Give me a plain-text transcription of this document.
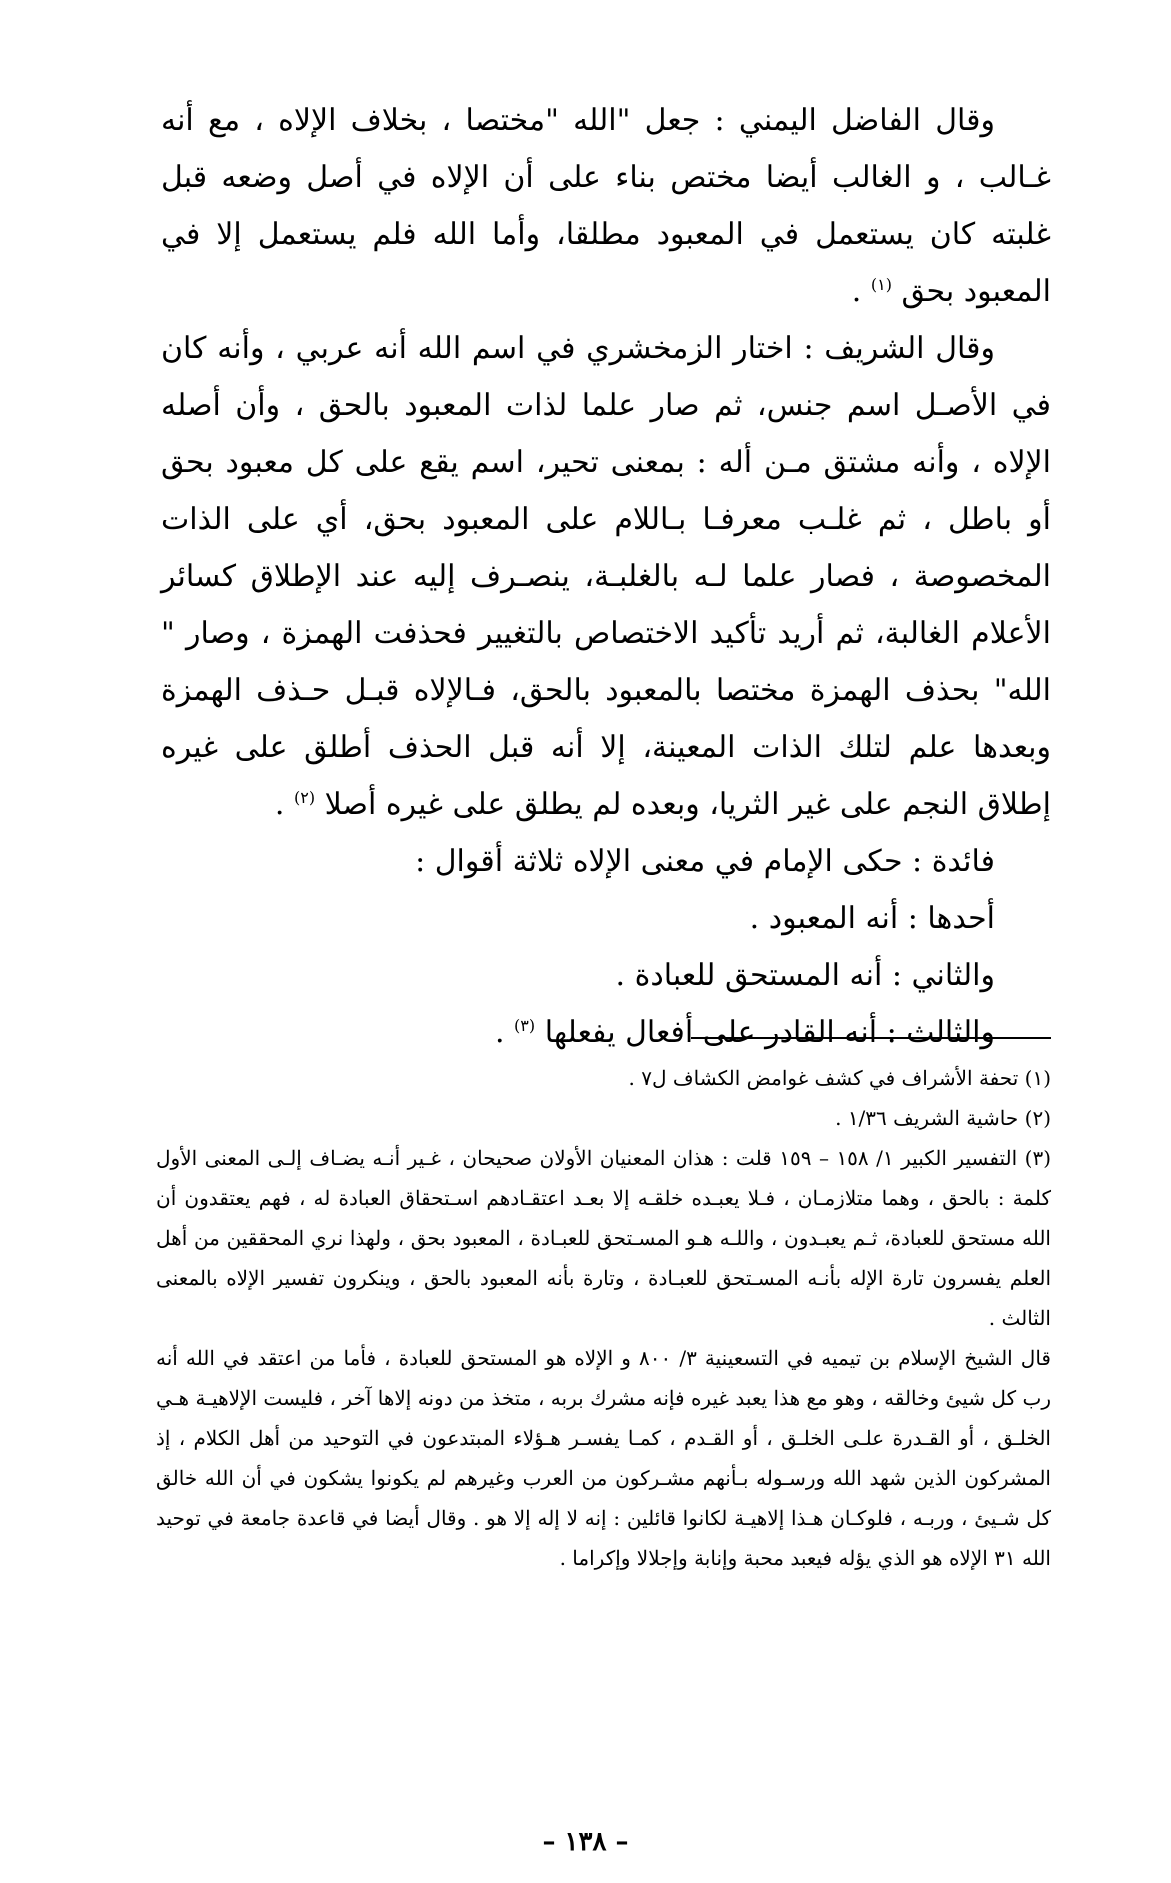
وقال الفاضل اليمني : جعل "الله "مختصا ، بخلاف الإلاه ، مع أنه غـالب ، و الغالب أيضا مختص بناء على أن الإلاه في أصل وضعه قبل غلبته كان يستعمل في المعبود مطلقا، وأما الله فلم يستعمل إلا في المعبود بحق $^{(١)}$ .

وقال الشريف : اختار الزمخشري في اسم الله أنه عربي ، وأنه كان في الأصـل اسم جنس، ثم صار علما لذات المعبود بالحق ، وأن أصله الإلاه ، وأنه مشتق مـن أله : بمعنى تحير، اسم يقع على كل معبود بحق أو باطل ، ثم غلـب معرفـا بـاللام على المعبود بحق، أي على الذات المخصوصة ، فصار علما لـه بالغلبـة، ينصـرف إليه عند الإطلاق كسائر الأعلام الغالبة، ثم أريد تأكيد الاختصاص بالتغيير فحذفت الهمزة ، وصار " الله" بحذف الهمزة مختصا بالمعبود بالحق، فـالإلاه قبـل حـذف الهمزة وبعدها علم لتلك الذات المعينة، إلا أنه قبل الحذف أطلق على غيره إطلاق النجم على غير الثريا، وبعده لم يطلق على غيره أصلا $^{(٢)}$ .

فائدة : حكى الإمام في معنى الإلاه ثلاثة أقوال :

أحدها : أنه المعبود .

والثاني : أنه المستحق للعبادة .

والثالث : أنه القادر على أفعال يفعلها $^{(٣)}$ .

(١) تحفة الأشراف في كشف غوامض الكشاف ل٧ .

(٢) حاشية الشريف ١/٣٦ .

(٣) التفسير الكبير ١/ ١٥٨ – ١٥٩ قلت : هذان المعنيان الأولان صحيحان ، غـير أنـه يضـاف إلـى المعنى الأول كلمة : بالحق ، وهما متلازمـان ، فـلا يعبـده خلقـه إلا بعـد اعتقـادهم اسـتحقاق العبادة له ، فهم يعتقدون أن الله مستحق للعبادة، ثـم يعبـدون ، واللـه هـو المسـتحق للعبـادة ، المعبود بحق ، ولهذا نري المحققين من أهل العلم يفسرون تارة الإله بأنـه المسـتحق للعبـادة ، وتارة بأنه المعبود بالحق ، وينكرون تفسير الإلاه بالمعنى الثالث .

قال الشيخ الإسلام بن تيميه في التسعينية ٣/ ٨٠٠ و الإلاه هو المستحق للعبادة ، فأما من اعتقد في الله أنه رب كل شيئ وخالقه ، وهو مع هذا يعبد غيره فإنه مشرك بربه ، متخذ من دونه إلاها آخر ، فليست الإلاهيـة هـي الخلـق ، أو القـدرة علـى الخلـق ، أو القـدم ، كمـا يفسـر هـؤلاء المبتدعون في التوحيد من أهل الكلام ، إذ المشركون الذين شهد الله ورسـوله بـأنهم مشـركون من العرب وغيرهم لم يكونوا يشكون في أن الله خالق كل شـيئ ، وربـه ، فلوكـان هـذا إلاهيـة لكانوا قائلين : إنه لا إله إلا هو . وقال أيضا في قاعدة جامعة في توحيد الله ٣١ الإلاه هو الذي يؤله فيعبد محبة وإنابة وإجلالا وإكراما .

– ١٣٨ –
